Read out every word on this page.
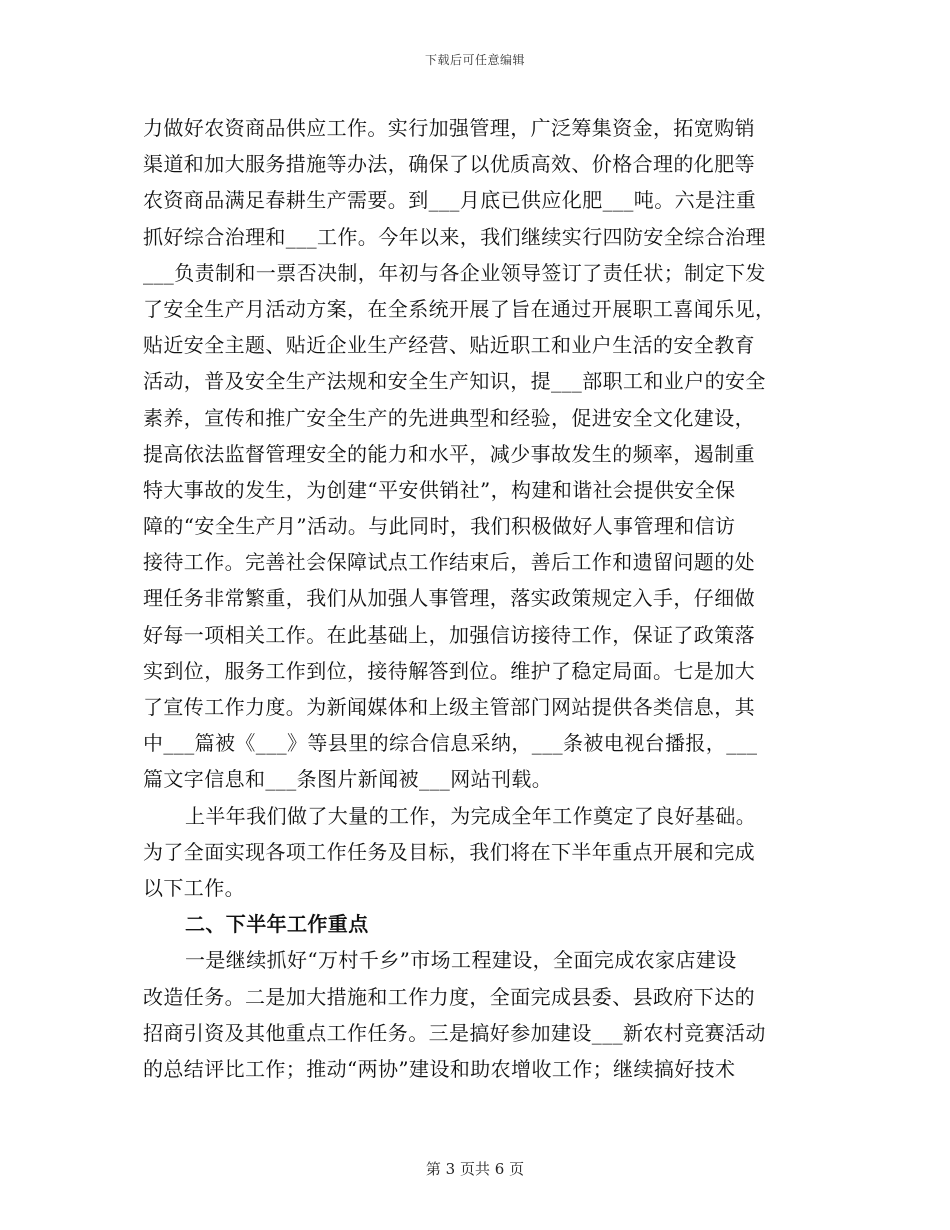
下载后可任意编辑
力做好农资商品供应工作。实行加强管理，广泛筹集资金，拓宽购销
渠道和加大服务措施等办法，确保了以优质高效、价格合理的化肥等
农资商品满足春耕生产需要。到___月底已供应化肥___吨。六是注重
抓好综合治理和___工作。今年以来，我们继续实行四防安全综合治理
___负责制和一票否决制，年初与各企业领导签订了责任状；制定下发
了安全生产月活动方案，在全系统开展了旨在通过开展职工喜闻乐见，
贴近安全主题、贴近企业生产经营、贴近职工和业户生活的安全教育
活动，普及安全生产法规和安全生产知识，提___部职工和业户的安全
素养，宣传和推广安全生产的先进典型和经验，促进安全文化建设，
提高依法监督管理安全的能力和水平，减少事故发生的频率，遏制重
特大事故的发生，为创建“平安供销社”，构建和谐社会提供安全保
障的“安全生产月”活动。与此同时，我们积极做好人事管理和信访
接待工作。完善社会保障试点工作结束后，善后工作和遗留问题的处
理任务非常繁重，我们从加强人事管理，落实政策规定入手，仔细做
好每一项相关工作。在此基础上，加强信访接待工作，保证了政策落
实到位，服务工作到位，接待解答到位。维护了稳定局面。七是加大
了宣传工作力度。为新闻媒体和上级主管部门网站提供各类信息，其
中___篇被《___》等县里的综合信息采纳，___条被电视台播报，___
篇文字信息和___条图片新闻被___网站刊载。
上半年我们做了大量的工作，为完成全年工作奠定了良好基础。
为了全面实现各项工作任务及目标，我们将在下半年重点开展和完成
以下工作。
二、下半年工作重点
一是继续抓好“万村千乡”市场工程建设，全面完成农家店建设
改造任务。二是加大措施和工作力度，全面完成县委、县政府下达的
招商引资及其他重点工作任务。三是搞好参加建设___新农村竞赛活动
的总结评比工作；推动“两协”建设和助农增收工作；继续搞好技术
第 3 页共 6 页
